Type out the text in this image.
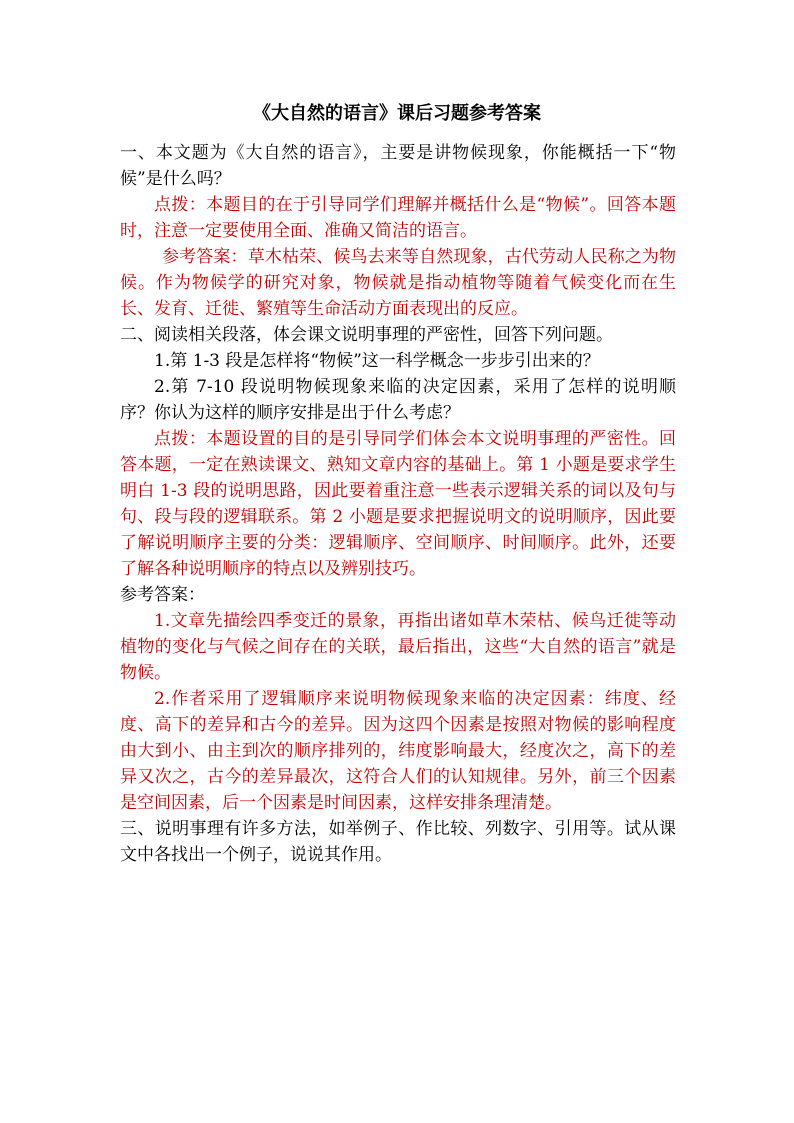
《大自然的语言》课后习题参考答案

一、本文题为《大自然的语言》，主要是讲物候现象，你能概括一下“物候”是什么吗？

点拨：本题目的在于引导同学们理解并概括什么是“物候”。回答本题时，注意一定要使用全面、准确又简洁的语言。

参考答案：草木枯荣、候鸟去来等自然现象，古代劳动人民称之为物候。作为物候学的研究对象，物候就是指动植物等随着气候变化而在生长、发育、迁徙、繁殖等生命活动方面表现出的反应。

二、阅读相关段落，体会课文说明事理的严密性，回答下列问题。

1.第 1-3 段是怎样将“物候”这一科学概念一步步引出来的？

2.第 7-10 段说明物候现象来临的决定因素，采用了怎样的说明顺序？你认为这样的顺序安排是出于什么考虑？

点拨：本题设置的目的是引导同学们体会本文说明事理的严密性。回答本题，一定在熟读课文、熟知文章内容的基础上。第 1 小题是要求学生明白 1-3 段的说明思路，因此要着重注意一些表示逻辑关系的词以及句与句、段与段的逻辑联系。第 2 小题是要求把握说明文的说明顺序，因此要了解说明顺序主要的分类：逻辑顺序、空间顺序、时间顺序。此外，还要了解各种说明顺序的特点以及辨别技巧。

参考答案：

1.文章先描绘四季变迁的景象，再指出诸如草木荣枯、候鸟迁徙等动植物的变化与气候之间存在的关联，最后指出，这些“大自然的语言”就是物候。

2.作者采用了逻辑顺序来说明物候现象来临的决定因素：纬度、经度、高下的差异和古今的差异。因为这四个因素是按照对物候的影响程度由大到小、由主到次的顺序排列的，纬度影响最大，经度次之，高下的差异又次之，古今的差异最次，这符合人们的认知规律。另外，前三个因素是空间因素，后一个因素是时间因素，这样安排条理清楚。

三、说明事理有许多方法，如举例子、作比较、列数字、引用等。试从课文中各找出一个例子，说说其作用。
